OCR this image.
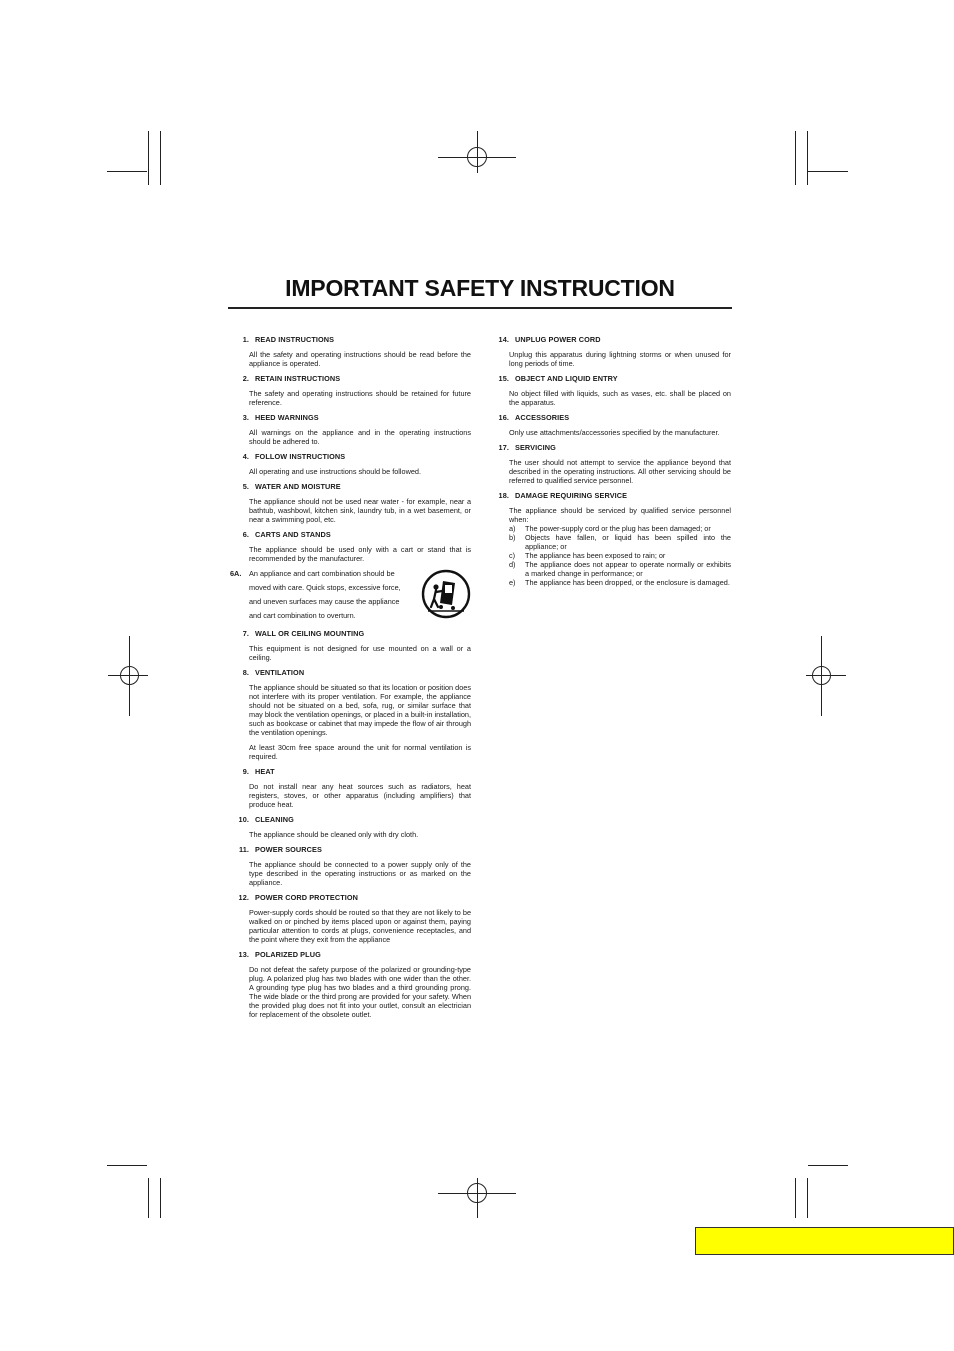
IMPORTANT SAFETY INSTRUCTION
1. READ INSTRUCTIONS

All the safety and operating instructions should be read before the appliance is operated.

2. RETAIN INSTRUCTIONS

The safety and operating instructions should be retained for future reference.

3. HEED WARNINGS

All warnings on the appliance and in the operating instructions should be adhered to.

4. FOLLOW INSTRUCTIONS

All operating and use instructions should be followed.

5. WATER AND MOISTURE

The appliance should not be used near water - for example, near a bathtub, washbowl, kitchen sink, laundry tub, in a wet basement, or near a swimming pool, etc.

6. CARTS AND STANDS

The appliance should be used only with a cart or stand that is recommended by the manufacturer.

6A. An appliance and cart combination should be
moved with care. Quick stops, excessive force,
and uneven surfaces may cause the appliance
and cart combination to overturn.
7. WALL OR CEILING MOUNTING

This equipment is not designed for use mounted on a wall or a ceiling.

8. VENTILATION

The appliance should be situated so that its location or position does not interfere with its proper ventilation. For example, the appliance should not be situated on a bed, sofa, rug, or similar surface that may block the ventilation openings, or placed in a built-in installation, such as bookcase or cabinet that may impede the flow of air through the ventilation openings.

At least 30cm free space around the unit for normal ventilation is required.

9. HEAT

Do not install near any heat sources such as radiators, heat registers, stoves, or other apparatus (including amplifiers) that produce heat.

10. CLEANING

The appliance should be cleaned only with dry cloth.

11. POWER SOURCES

The appliance should be connected to a power supply only of the type described in the operating instructions or as marked on the appliance.

12. POWER CORD PROTECTION

Power-supply cords should be routed so that they are not likely to be walked on or pinched by items placed upon or against them, paying particular attention to cords at plugs, convenience receptacles, and the point where they exit from the appliance

13. POLARIZED PLUG

Do not defeat the safety purpose of the polarized or grounding-type plug. A polarized plug has two blades with one wider than the other. A grounding type plug has two blades and a third grounding prong. The wide blade or the third prong are provided for your safety. When the provided plug does not fit into your outlet, consult an electrician for replacement of the obsolete outlet.

14. UNPLUG POWER CORD

Unplug this apparatus during lightning storms or when unused for long periods of time.

15. OBJECT AND LIQUID ENTRY

No object filled with liquids, such as vases, etc. shall be placed on the apparatus.

16. ACCESSORIES

Only use attachments/accessories specified by the manufacturer.

17. SERVICING

The user should not attempt to service the appliance beyond that described in the operating instructions. All other servicing should be referred to qualified service personnel.

18. DAMAGE REQUIRING SERVICE

The appliance should be serviced by qualified service personnel when:

a)	The power-supply cord or the plug has been damaged; or
b)	Objects have fallen, or liquid has been spilled into the appliance; or
c)	The appliance has been exposed to rain; or
d)	The appliance does not appear to operate normally or exhibits a marked change in performance; or
e)	The appliance has been dropped, or the enclosure is damaged.
